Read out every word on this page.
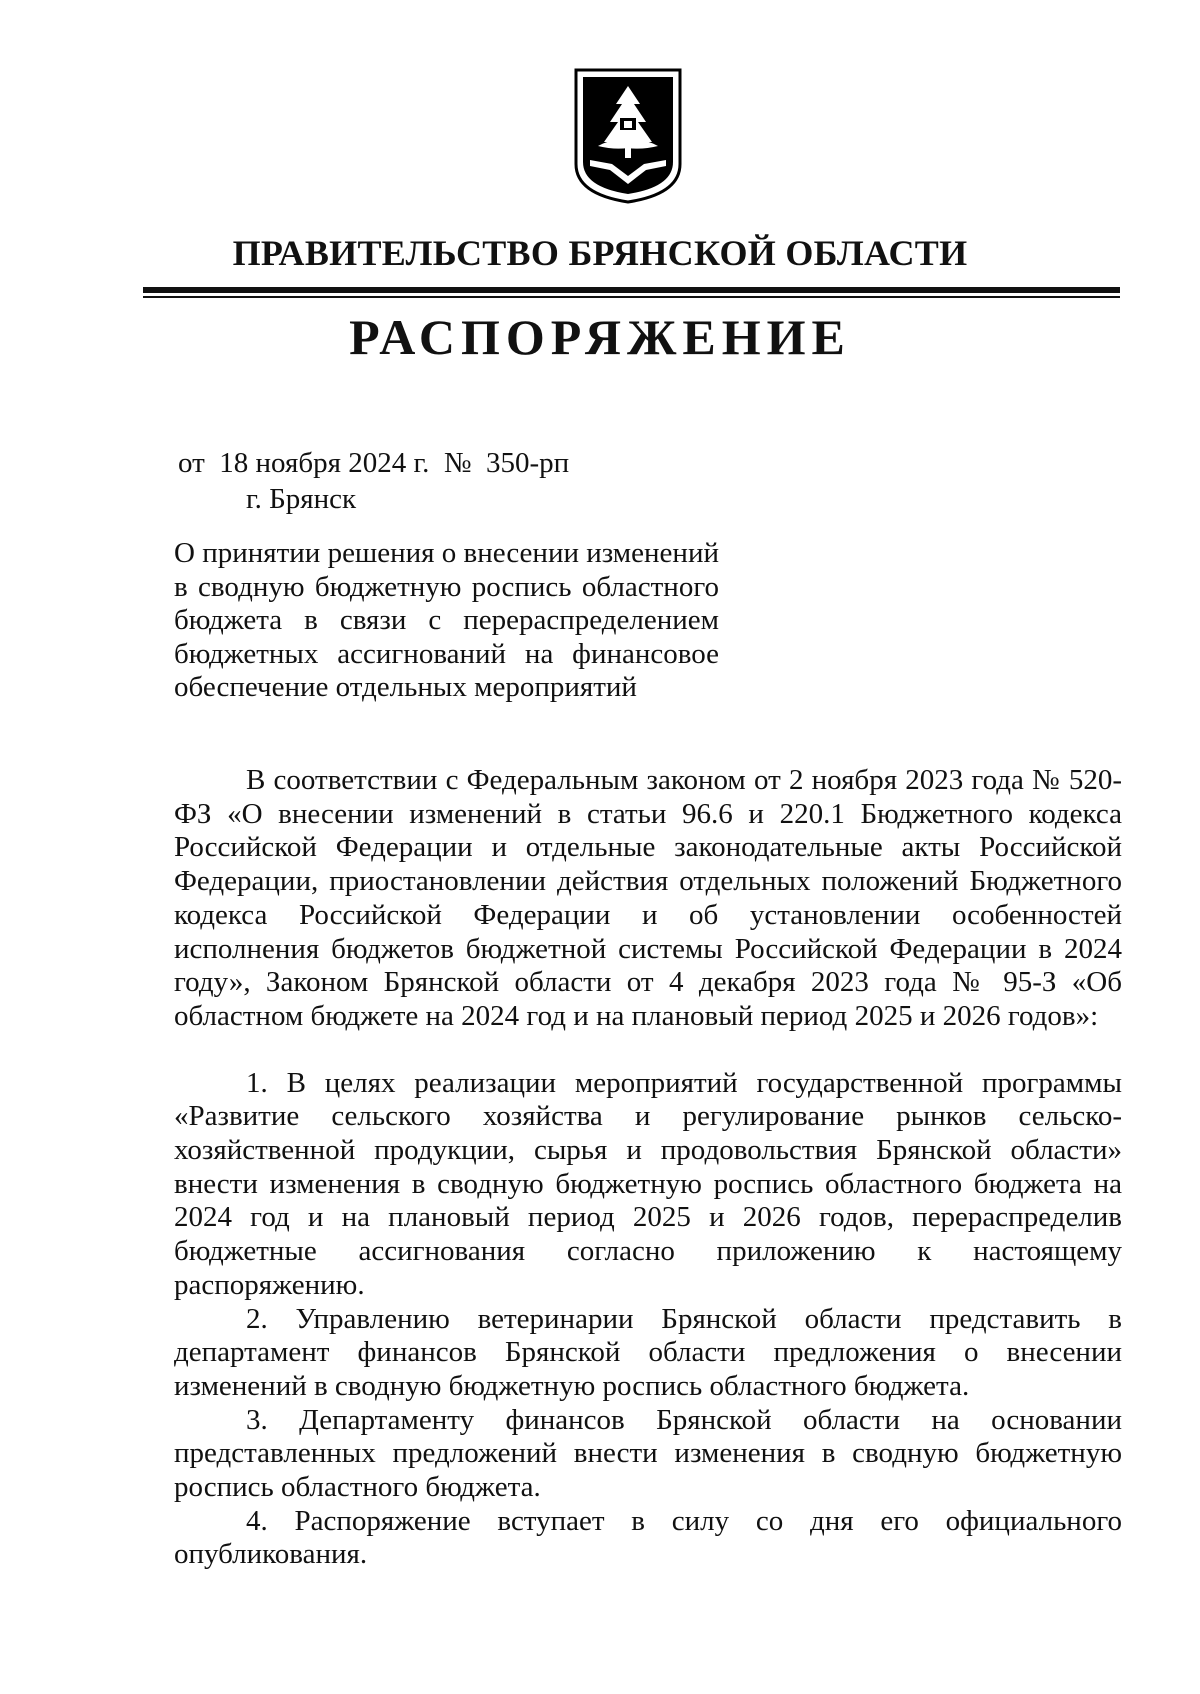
ПРАВИТЕЛЬСТВО БРЯНСКОЙ ОБЛАСТИ
РАСПОРЯЖЕНИЕ
от  18 ноября 2024 г.  №  350-рп
г. Брянск
О принятии решения о внесении изменений в сводную бюджетную роспись областного бюджета в связи с перераспределением бюджетных ассигнований на финансовое обеспечение отдельных мероприятий

В соответствии с Федеральным законом от 2 ноября 2023 года № 520-ФЗ «О внесении изменений в статьи 96.6 и 220.1 Бюджетного кодекса Российской Федерации и отдельные законодательные акты Российской Федерации, приостановлении действия отдельных положений Бюджетного кодекса Российской Федерации и об установлении особенностей исполнения бюджетов бюджетной системы Российской Федерации в 2024 году», Законом Брянской области от 4 декабря 2023 года № 95-З «Об областном бюджете на 2024 год и на плановый период 2025 и 2026 годов»:

1. В целях реализации мероприятий государственной программы «Развитие сельского хозяйства и регулирование рынков сельско-хозяйственной продукции, сырья и продовольствия Брянской области» внести изменения в сводную бюджетную роспись областного бюджета на 2024 год и на плановый период 2025 и 2026 годов, перераспределив бюджетные ассигнования согласно приложению к настоящему распоряжению.

2. Управлению ветеринарии Брянской области представить в департамент финансов Брянской области предложения о внесении изменений в сводную бюджетную роспись областного бюджета.

3. Департаменту финансов Брянской области на основании представленных предложений внести изменения в сводную бюджетную роспись областного бюджета.

4. Распоряжение вступает в силу со дня его официального опубликования.
